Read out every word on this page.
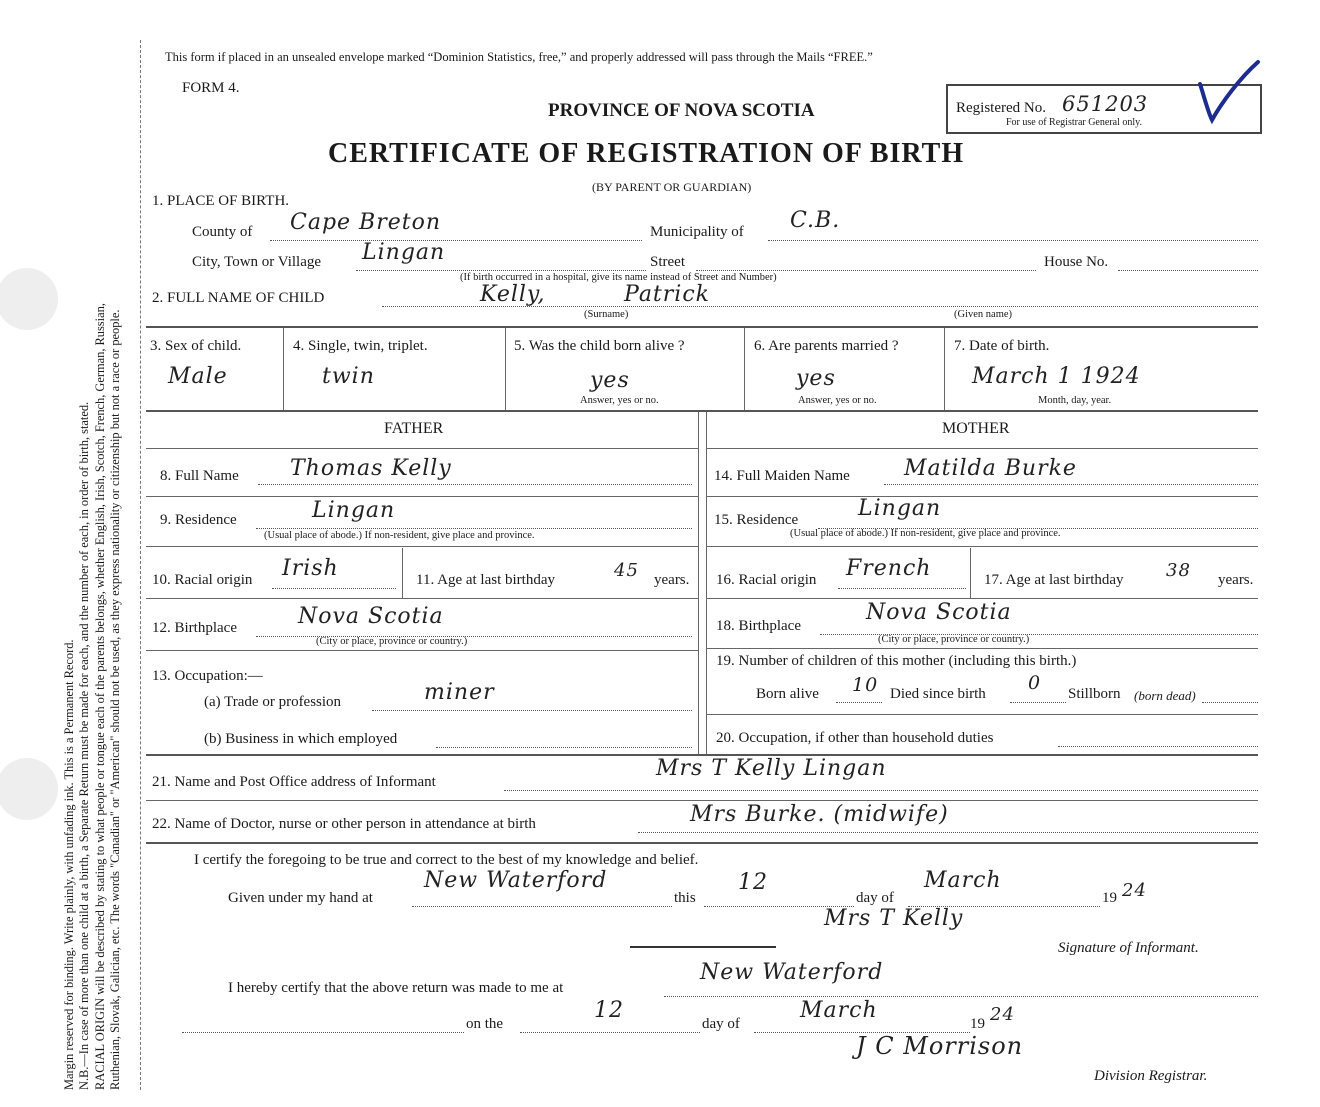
Margin reserved for binding. Write plainly, with unfading ink. This is a Permanent Record. N.B.—In case of more than one child at a birth, a Separate Return must be made for each, and the number of each, in order of birth, stated. RACIAL ORIGIN will be described by stating to what people or tongue each of the parents belongs, whether English, Irish, Scotch, French, German, Russian, Ruthenian, Slovak, Galician, etc. The words "Canadian" or "American" should not be used, as they express nationality or citizenship but not a race or people.
This form if placed in an unsealed envelope marked “Dominion Statistics, free,” and properly addressed will pass through the Mails “FREE.”
FORM 4.
PROVINCE OF NOVA SCOTIA
CERTIFICATE OF REGISTRATION OF BIRTH
(BY PARENT OR GUARDIAN)
Registered No. 651203
For use of Registrar General only.
1. PLACE OF BIRTH.
County of Cape Breton	Municipality of C.B.
City, Town or Village Lingan	Street	House No.
(If birth occurred in a hospital, give its name instead of Street and Number)
2. FULL NAME OF CHILD	Kelly,	Patrick
(Surname)	(Given name)
3. Sex of child.
Male
4. Single, twin, triplet.
twin
5. Was the child born alive ?
yes
Answer, yes or no.
6. Are parents married ?
yes
Answer, yes or no.
7. Date of birth.
March 1 1924
Month, day, year.
FATHER	MOTHER
8. Full Name Thomas Kelly
9. Residence	Lingan
(Usual place of abode.) If non-resident, give place and province.
10. Racial origin Irish	11. Age at last birthday	45 years.
12. Birthplace	Nova Scotia
(City or place, province or country.)
13. Occupation:—
(a) Trade or profession	miner
(b) Business in which employed
14. Full Maiden Name Matilda Burke
15. Residence	Lingan
(Usual place of abode.) If non-resident, give place and province.
16. Racial origin French	17. Age at last birthday 38 years.
18. Birthplace
Nova Scotia
(City or place, province or country.)
19. Number of children of this mother (including this birth.)
Born alive 10 Died since birth 0 Stillborn (born dead)
20. Occupation, if other than household duties
21. Name and Post Office address of Informant
Mrs T Kelly Lingan
22. Name of Doctor, nurse or other person in attendance at birth	Mrs Burke. (midwife)
I certify the foregoing to be true and correct to the best of my knowledge and belief.
Given under my hand at
New Waterford
this
12
day of
March
19 24
Mrs T Kelly
Signature of Informant.
I hereby certify that the above return was made to me at
New Waterford
on the
12
day of
March
19 24
J C Morrison
Division Registrar.
